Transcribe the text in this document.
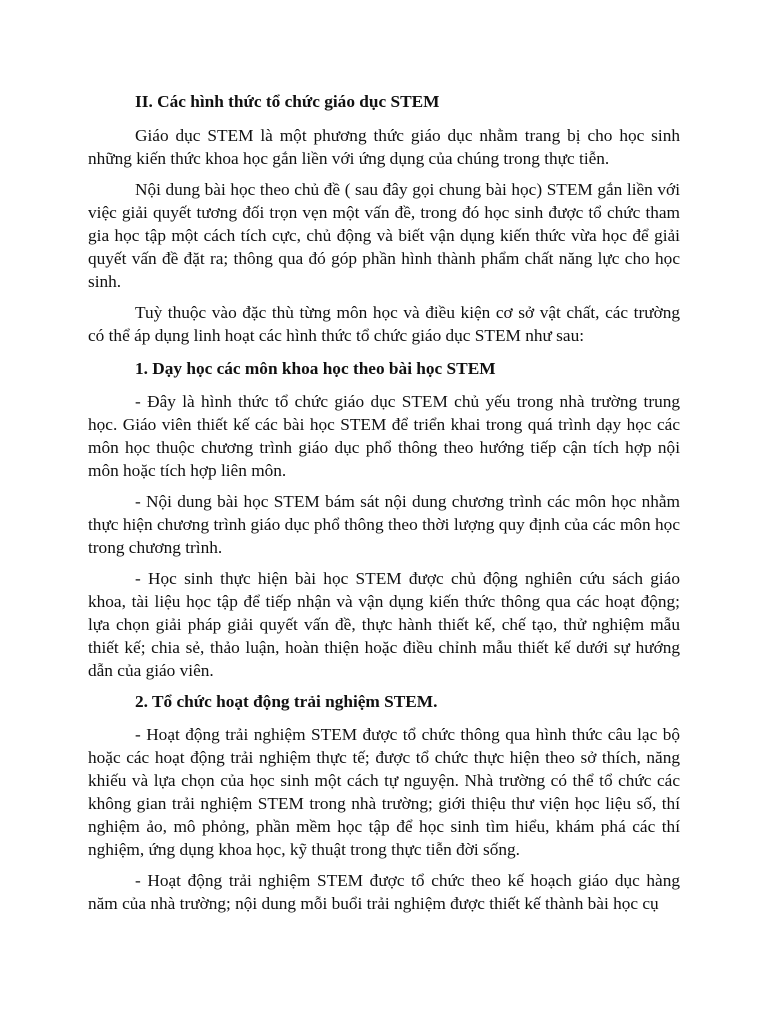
II. Các hình thức tổ chức giáo dục STEM

Giáo dục STEM là một phương thức giáo dục nhằm trang bị cho học sinh những kiến thức khoa học gắn liền với ứng dụng của chúng trong thực tiễn.

Nội dung bài học theo chủ đề ( sau đây gọi chung bài học) STEM gắn liền với việc giải quyết tương đối trọn vẹn một vấn đề, trong đó học sinh được tổ chức tham gia học tập một cách tích cực, chủ động và biết vận dụng kiến thức vừa học để giải quyết vấn đề đặt ra; thông qua đó góp phần hình thành phẩm chất năng lực cho học sinh.

Tuỳ thuộc vào đặc thù từng môn học và điều kiện cơ sở vật chất, các trường có thể áp dụng linh hoạt các hình thức tổ chức giáo dục STEM như sau:

1. Dạy học các môn khoa học theo bài học STEM

- Đây là hình thức tổ chức giáo dục STEM chủ yếu trong nhà trường trung học. Giáo viên thiết kế các bài học STEM để triển khai trong quá trình dạy học các môn học thuộc chương trình giáo dục phổ thông theo hướng tiếp cận tích hợp nội môn hoặc tích hợp liên môn.

- Nội dung bài học STEM bám sát nội dung chương trình các môn học nhằm thực hiện chương trình giáo dục phổ thông theo thời lượng quy định của các môn học trong chương trình.

- Học sinh thực hiện bài học STEM được chủ động nghiên cứu sách giáo khoa, tài liệu học tập để tiếp nhận và vận dụng kiến thức thông qua các hoạt động; lựa chọn giải pháp giải quyết vấn đề, thực hành thiết kế, chế tạo, thử nghiệm mẫu thiết kế; chia sẻ, thảo luận, hoàn thiện hoặc điều chỉnh mẫu thiết kế dưới sự hướng dẫn của giáo viên.

2. Tổ chức hoạt động trải nghiệm STEM.

- Hoạt động trải nghiệm STEM được tổ chức thông qua hình thức câu lạc bộ hoặc các hoạt động trải nghiệm thực tế; được tổ chức thực hiện theo sở thích, năng khiếu và lựa chọn của học sinh một cách tự nguyện. Nhà trường có thể tổ chức các không gian trải nghiệm STEM trong nhà trường; giới thiệu thư viện học liệu số, thí nghiệm ảo, mô phỏng, phần mềm học tập để học sinh tìm hiểu, khám phá các thí nghiệm, ứng dụng khoa học, kỹ thuật trong thực tiễn đời sống.

- Hoạt động trải nghiệm STEM được tổ chức theo kế hoạch giáo dục hàng năm của nhà trường; nội dung mỗi buổi trải nghiệm được thiết kế thành bài học cụ
